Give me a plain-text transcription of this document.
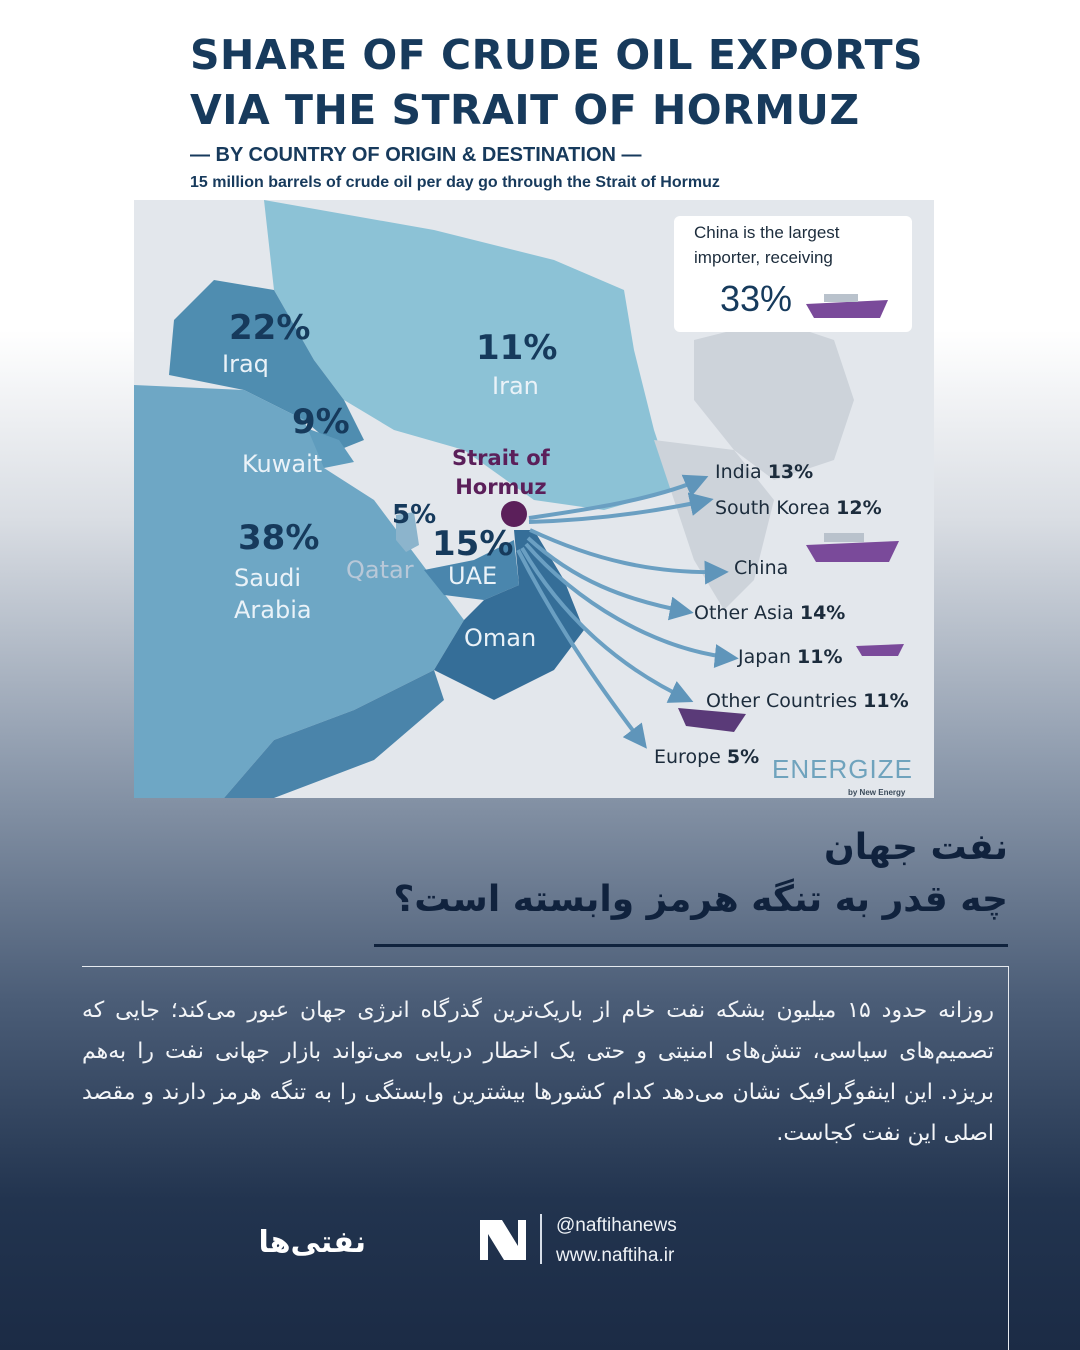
SHARE OF CRUDE OIL EXPORTS
VIA THE STRAIT OF HORMUZ
— BY COUNTRY OF ORIGIN & DESTINATION —
15 million barrels of crude oil per day go through the Strait of Hormuz
22%
Iraq	11%
Iran
9%
Kuwait
38%
Saudi
Arabia
5%
Qatar
15%
UAE
Oman
Strait of
Hormuz
India 13%
South Korea 12%
China
Other Asia 14%
Japan 11%
Other Countries 11%
Europe 5%
China is the largest importer, receiving
33%
ENERGIZE
by New Energy
نفت جهان
چه قدر به تنگه هرمز وابسته است؟
روزانه حدود ۱۵ میلیون بشکه نفت خام از باریک‌ترین گذرگاه انرژی جهان عبور می‌کند؛ جایی که تصمیم‌های سیاسی، تنش‌های امنیتی و حتی یک اخطار دریایی می‌تواند بازار جهانی نفت را به‌هم بریزد. این اینفوگرافیک نشان می‌دهد کدام کشورها بیشترین وابستگی را به تنگه هرمز دارند و مقصد اصلی این نفت کجاست.
نفتی‌ها	@naftihanews
www.naftiha.ir
